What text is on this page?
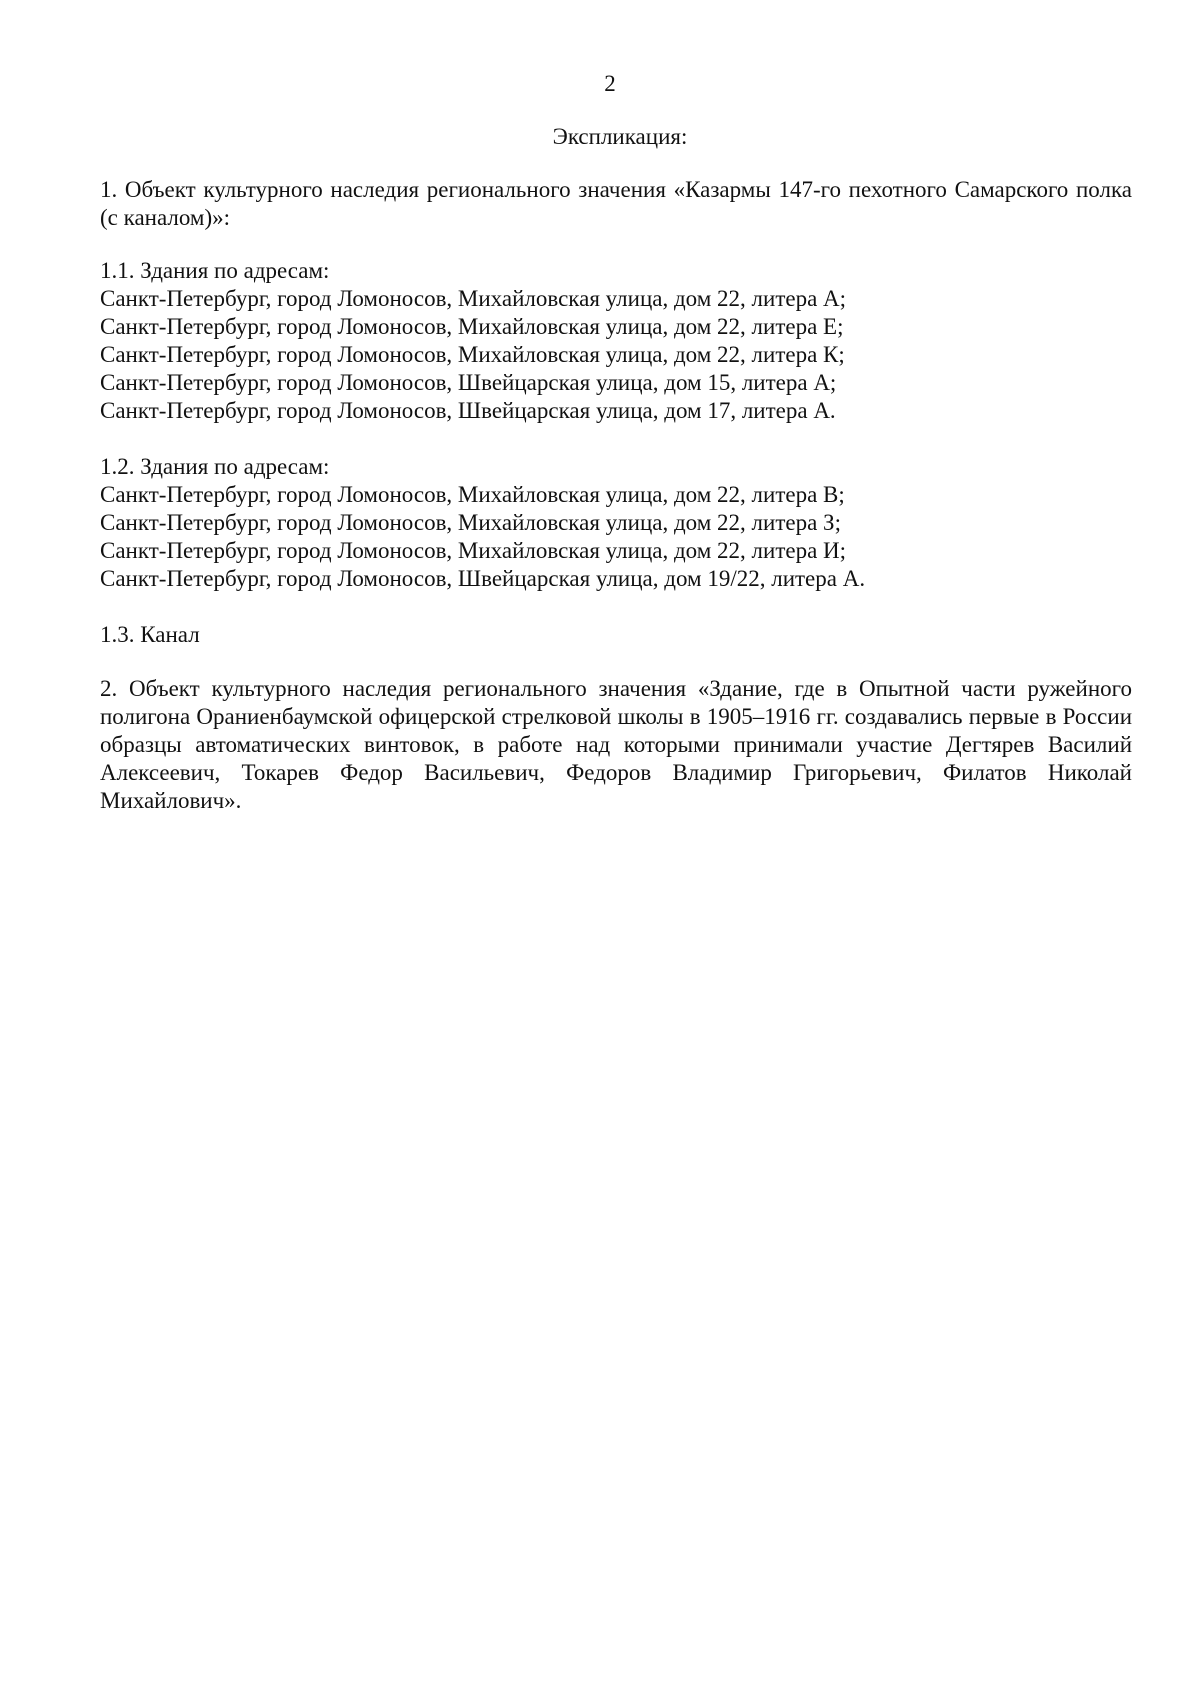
2
Экспликация:

1. Объект культурного наследия регионального значения «Казармы 147-го пехотного Самарского полка (с каналом)»:

1.1. Здания по адресам:
Санкт-Петербург, город Ломоносов, Михайловская улица, дом 22, литера А;
Санкт-Петербург, город Ломоносов, Михайловская улица, дом 22, литера Е;
Санкт-Петербург, город Ломоносов, Михайловская улица, дом 22, литера К;
Санкт-Петербург, город Ломоносов, Швейцарская улица, дом 15, литера А;
Санкт-Петербург, город Ломоносов, Швейцарская улица, дом 17, литера А.
1.2. Здания по адресам:
Санкт-Петербург, город Ломоносов, Михайловская улица, дом 22, литера В;
Санкт-Петербург, город Ломоносов, Михайловская улица, дом 22, литера З;
Санкт-Петербург, город Ломоносов, Михайловская улица, дом 22, литера И;
Санкт-Петербург, город Ломоносов, Швейцарская улица, дом 19/22, литера А.
1.3. Канал

2. Объект культурного наследия регионального значения «Здание, где в Опытной части ружейного полигона Ораниенбаумской офицерской стрелковой школы в 1905–1916 гг. создавались первые в России образцы автоматических винтовок, в работе над которыми принимали участие Дегтярев Василий Алексеевич, Токарев Федор Васильевич, Федоров Владимир Григорьевич, Филатов Николай Михайлович».
